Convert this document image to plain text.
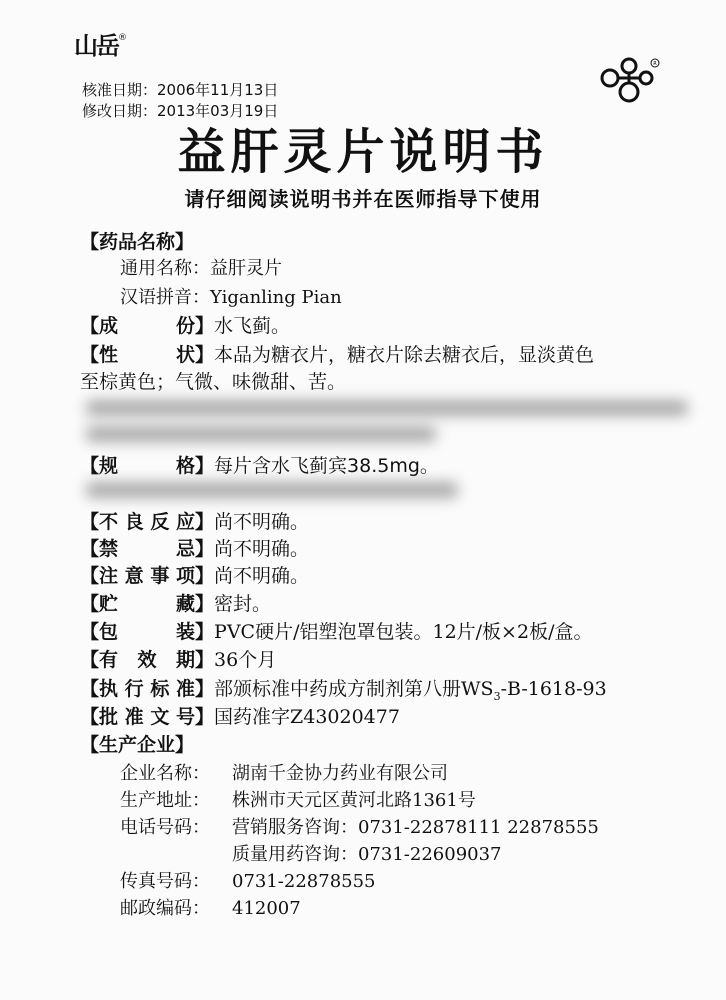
山岳®
R
核准日期：2006年11月13日
修改日期：2013年03月19日
益肝灵片说明书
请仔细阅读说明书并在医师指导下使用
【药品名称】
通用名称：益肝灵片
汉语拼音：Yiganling Pian
【成份】水飞蓟。
【性状】本品为糖衣片，糖衣片除去糖衣后，显淡黄色
至棕黄色；气微、味微甜、苦。
【规格】每片含水飞蓟宾38.5mg。
【不良反应】尚不明确。
【禁忌】尚不明确。
【注意事项】尚不明确。
【贮藏】密封。
【包装】PVC硬片/铝塑泡罩包装。12片/板×2板/盒。
【有效期】36个月
【执行标准】部颁标准中药成方制剂第八册$WS_3-B-1618-93$
【批准文号】国药准字Z43020477
【生产企业】
企业名称： 湖南千金协力药业有限公司
生产地址： 株洲市天元区黄河北路1361号
电话号码： 营销服务咨询：0731-22878111 22878555
质量用药咨询：0731-22609037
传真号码： 0731-22878555
邮政编码： 412007
